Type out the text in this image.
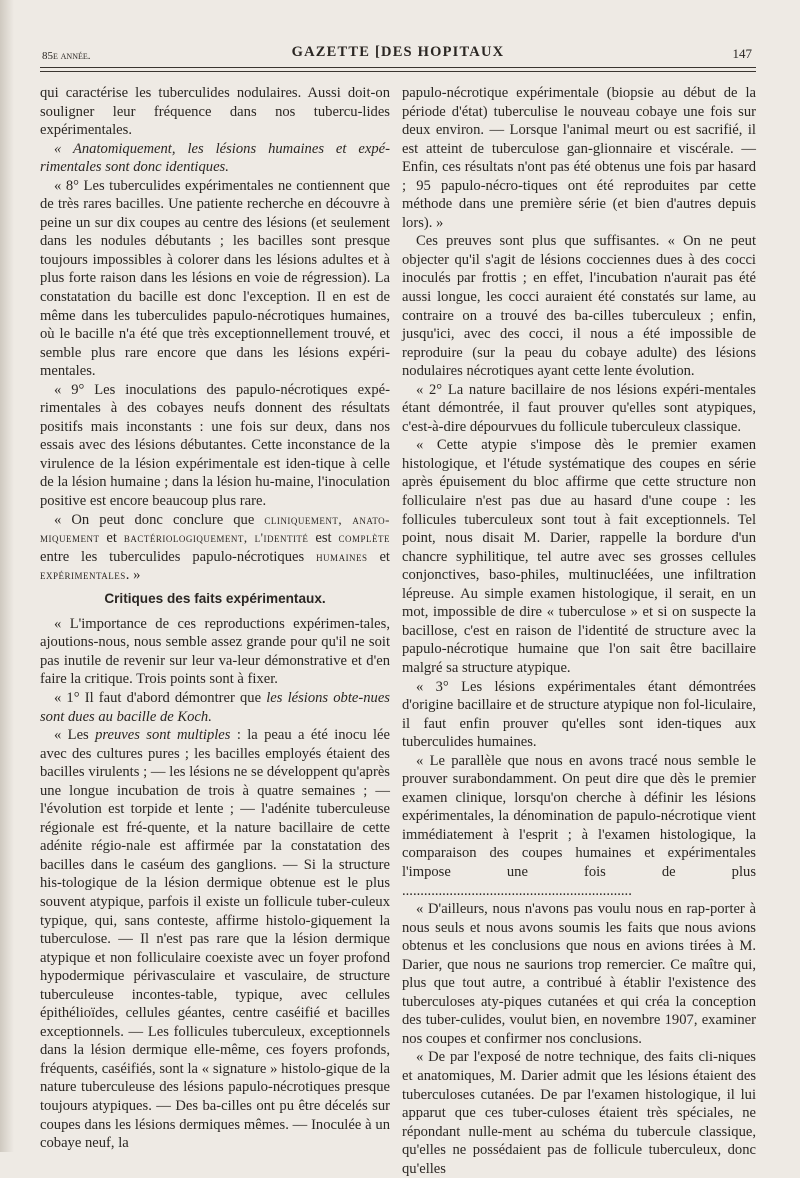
85e année.	GAZETTE [DES HOPITAUX	147

qui caractérise les tuberculides nodulaires. Aussi doit-on souligner leur fréquence dans nos tubercu-lides expérimentales.

« Anatomiquement, les lésions humaines et expé-rimentales sont donc identiques.

« 8° Les tuberculides expérimentales ne contiennent que de très rares bacilles. Une patiente recherche en découvre à peine un sur dix coupes au centre des lésions (et seulement dans les nodules débutants ; les bacilles sont presque toujours impossibles à colorer dans les lésions adultes et à plus forte raison dans les lésions en voie de régression). La constatation du bacille est donc l'exception. Il en est de même dans les tuberculides papulo-nécrotiques humaines, où le bacille n'a été que très exceptionnellement trouvé, et semble plus rare encore que dans les lésions expéri-mentales.

« 9° Les inoculations des papulo-nécrotiques expé-rimentales à des cobayes neufs donnent des résultats positifs mais inconstants : une fois sur deux, dans nos essais avec des lésions débutantes. Cette inconstance de la virulence de la lésion expérimentale est iden-tique à celle de la lésion humaine ; dans la lésion hu-maine, l'inoculation positive est encore beaucoup plus rare.

« On peut donc conclure que cliniquement, anato-miquement et bactériologiquement, l'identité est complète entre les tuberculides papulo-nécrotiques humaines et expérimentales. »

Critiques des faits expérimentaux.

« L'importance de ces reproductions expérimen-tales, ajoutions-nous, nous semble assez grande pour qu'il ne soit pas inutile de revenir sur leur va-leur démonstrative et d'en faire la critique. Trois points sont à fixer.

« 1° Il faut d'abord démontrer que les lésions obte-nues sont dues au bacille de Koch.

« Les preuves sont multiples : la peau a été inocu lée avec des cultures pures ; les bacilles employés étaient des bacilles virulents ; — les lésions ne se développent qu'après une longue incubation de trois à quatre semaines ; — l'évolution est torpide et lente ; — l'adénite tuberculeuse régionale est fré-quente, et la nature bacillaire de cette adénite régio-nale est affirmée par la constatation des bacilles dans le caséum des ganglions. — Si la structure his-tologique de la lésion dermique obtenue est le plus souvent atypique, parfois il existe un follicule tuber-culeux typique, qui, sans conteste, affirme histolo-giquement la tuberculose. — Il n'est pas rare que la lésion dermique atypique et non folliculaire coexiste avec un foyer profond hypodermique périvasculaire et vasculaire, de structure tuberculeuse incontes-table, typique, avec cellules épithélioïdes, cellules géantes, centre caséifié et bacilles exceptionnels. — Les follicules tuberculeux, exceptionnels dans la lésion dermique elle-même, ces foyers profonds, fréquents, caséifiés, sont la « signature » histolo-gique de la nature tuberculeuse des lésions papulo-nécrotiques presque toujours atypiques. — Des ba-cilles ont pu être décelés sur coupes dans les lésions dermiques mêmes. — Inoculée à un cobaye neuf, la

papulo-nécrotique expérimentale (biopsie au début de la période d'état) tuberculise le nouveau cobaye une fois sur deux environ. — Lorsque l'animal meurt ou est sacrifié, il est atteint de tuberculose gan-glionnaire et viscérale. — Enfin, ces résultats n'ont pas été obtenus une fois par hasard ; 95 papulo-nécro-tiques ont été reproduites par cette méthode dans une première série (et bien d'autres depuis lors). »

Ces preuves sont plus que suffisantes. « On ne peut objecter qu'il s'agit de lésions cocciennes dues à des cocci inoculés par frottis ; en effet, l'incubation n'aurait pas été aussi longue, les cocci auraient été constatés sur lame, au contraire on a trouvé des ba-cilles tuberculeux ; enfin, jusqu'ici, avec des cocci, il nous a été impossible de reproduire (sur la peau du cobaye adulte) des lésions nodulaires nécrotiques ayant cette lente évolution.

« 2° La nature bacillaire de nos lésions expéri-mentales étant démontrée, il faut prouver qu'elles sont atypiques, c'est-à-dire dépourvues du follicule tuberculeux classique.

« Cette atypie s'impose dès le premier examen histologique, et l'étude systématique des coupes en série après épuisement du bloc affirme que cette structure non folliculaire n'est pas due au hasard d'une coupe : les follicules tuberculeux sont tout à fait exceptionnels. Tel point, nous disait M. Darier, rappelle la bordure d'un chancre syphilitique, tel autre avec ses grosses cellules conjonctives, baso-philes, multinucléées, une infiltration lépreuse. Au simple examen histologique, il serait, en un mot, impossible de dire « tuberculose » et si on suspecte la bacillose, c'est en raison de l'identité de structure avec la papulo-nécrotique humaine que l'on sait être bacillaire malgré sa structure atypique.

« 3° Les lésions expérimentales étant démontrées d'origine bacillaire et de structure atypique non fol-liculaire, il faut enfin prouver qu'elles sont iden-tiques aux tuberculides humaines.

« Le parallèle que nous en avons tracé nous semble le prouver surabondamment. On peut dire que dès le premier examen clinique, lorsqu'on cherche à définir les lésions expérimentales, la dénomination de papulo-nécrotique vient immédiatement à l'esprit ; à l'examen histologique, la comparaison des coupes humaines et expérimentales l'impose une fois de plus ...............................................................

« D'ailleurs, nous n'avons pas voulu nous en rap-porter à nous seuls et nous avons soumis les faits que nous avions obtenus et les conclusions que nous en avions tirées à M. Darier, que nous ne saurions trop remercier. Ce maître qui, plus que tout autre, a contribué à établir l'existence des tuberculoses aty-piques cutanées et qui créa la conception des tuber-culides, voulut bien, en novembre 1907, examiner nos coupes et confirmer nos conclusions.

« De par l'exposé de notre technique, des faits cli-niques et anatomiques, M. Darier admit que les lésions étaient des tuberculoses cutanées. De par l'examen histologique, il lui apparut que ces tuber-culoses étaient très spéciales, ne répondant nulle-ment au schéma du tubercule classique, qu'elles ne possédaient pas de follicule tuberculeux, donc qu'elles
